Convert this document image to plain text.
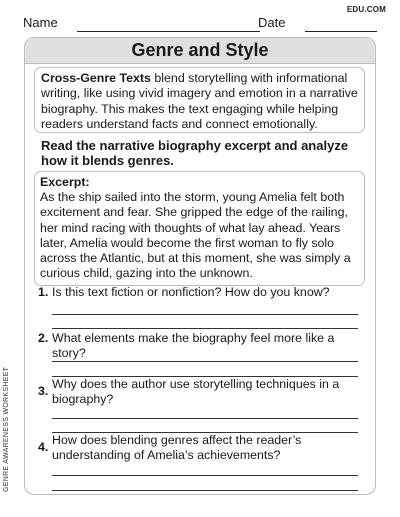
EDU.COM
Name	Date
Genre and Style
Cross-Genre Texts blend storytelling with informational writing, like using vivid imagery and emotion in a narrative biography. This makes the text engaging while helping readers understand facts and connect emotionally.
Read the narrative biography excerpt and analyze how it blends genres.
Excerpt:
As the ship sailed into the storm, young Amelia felt both excitement and fear. She gripped the edge of the railing, her mind racing with thoughts of what lay ahead. Years later, Amelia would become the first woman to fly solo across the Atlantic, but at this moment, she was simply a curious child, gazing into the unknown.
1. Is this text fiction or nonfiction? How do you know?
2. What elements make the biography feel more like a story?
3. Why does the author use storytelling techniques in a biography?
4. How does blending genres affect the reader’s understanding of Amelia’s achievements?
GENRE AWARENESS WORKSHEET
